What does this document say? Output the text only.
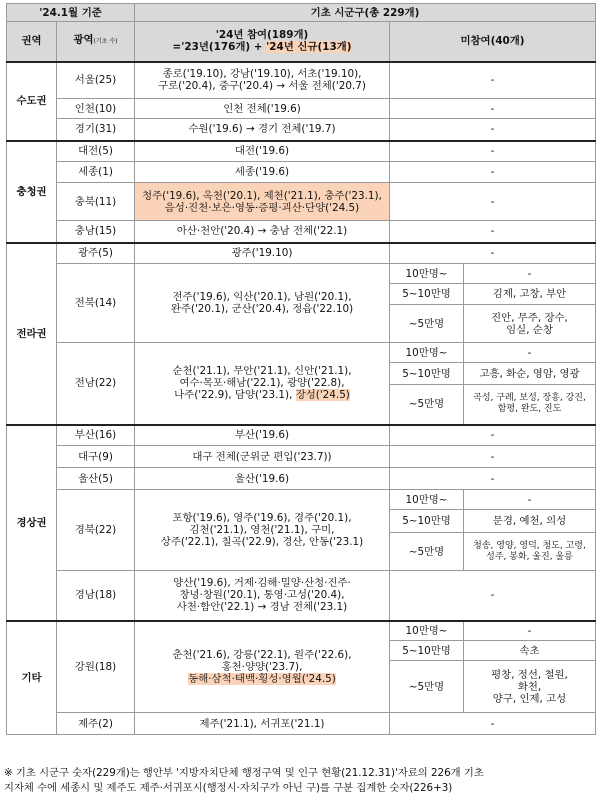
'24.1월 기준		기초 시군구(총 229개)		
권역	광역(기초 수)	'24년 참여(189개)
='23년(176개) + '24년 신규(13개)	미참여(40개)	
수도권	서울(25)	종로('19.10), 강남('19.10), 서초('19.10),
구로('20.4), 중구('20.4) → 서울 전체('20.7)	-	
	인천(10)	인천 전체('19.6)	-	
	경기(31)	수원('19.6) → 경기 전체('19.7)	-	
충청권	대전(5)	대전('19.6)	-	
	세종(1)	세종('19.6)	-	
	충북(11)	청주('19.6), 옥천('20.1), 제천('21.1), 충주('23.1),
음성·진천·보은·영동·증평·괴산·단양('24.5)	-	
	충남(15)	아산·천안('20.4) → 충남 전체('22.1)	-	
전라권	광주(5)	광주('19.10)	-	
	전북(14)	전주('19.6), 익산('20.1), 남원('20.1),
완주('20.1), 군산('20.4), 정읍('22.10)	10만명~	-
			5~10만명	김제, 고창, 부안
			~5만명	진안, 무주, 장수,
임실, 순창

	전남(22)	순천('21.1), 무안('21.1), 신안('21.1),
여수·목포·해남('22.1), 광양('22.8),
나주('22.9), 담양('23.1), 장성('24.5)	10만명~	-
			5~10만명	고흥, 화순, 영암, 영광
			~5만명	곡성, 구례, 보성, 장흥, 강진,
함평, 완도, 진도

경상권	부산(16)	부산('19.6)	-	
	대구(9)	대구 전체(군위군 편입('23.7))	-	
	울산(5)	울산('19.6)	-	
	경북(22)	포항('19.6), 영주('19.6), 경주('20.1),
김천('21.1), 영천('21.1), 구미,
상주('22.1), 칠곡('22.9), 경산, 안동('23.1)	10만명~	-
			5~10만명	문경, 예천, 의성
			~5만명	청송, 영양, 영덕, 청도, 고령,
성주, 봉화, 울진, 울릉

	경남(18)	양산('19.6), 거제·김해·밀양·산청·진주·
창녕·창원('20.1), 통영·고성('20.4),
사천·함안('22.1) → 경남 전체('23.1)	-	
기타	강원(18)	춘천('21.6), 강릉('22.1), 원주('22.6),
홍천·양양('23.7),
동해·삼척·태백·횡성·영월('24.5)	10만명~	-
			5~10만명	속초
			~5만명	평창, 정선, 철원,
화천,
양구, 인제, 고성

	제주(2)	제주('21.1), 서귀포('21.1)	-	
※ 기초 시군구 숫자(229개)는 행안부 '지방자치단체 행정구역 및 인구 현황(21.12.31)'자료의 226개 기초
지자체 수에 세종시 및 제주도 제주·서귀포시(행정시·자치구가 아닌 구)를 구분 집계한 숫자(226+3)
